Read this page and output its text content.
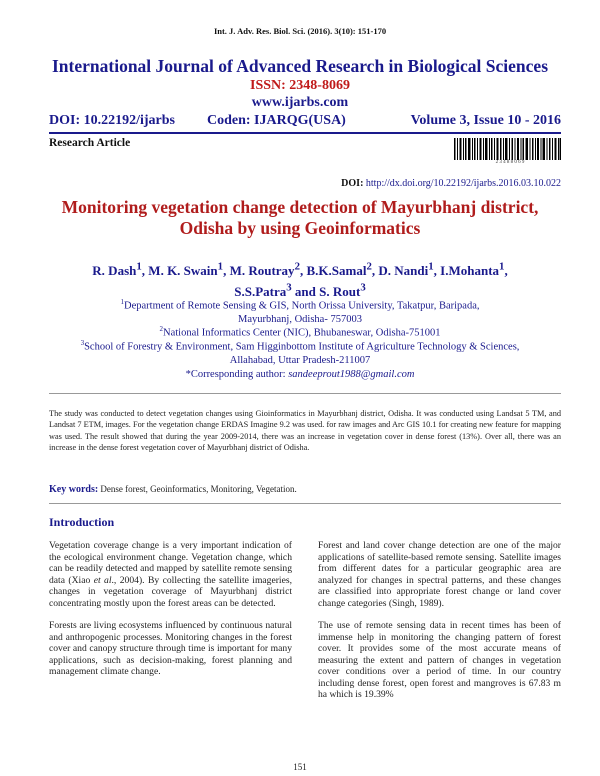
Int. J. Adv. Res. Biol. Sci. (2016). 3(10): 151-170
International Journal of Advanced Research in Biological Sciences
ISSN: 2348-8069
www.ijarbs.com
DOI: 10.22192/ijarbs Coden: IJARQG(USA)	Volume 3, Issue 10 - 2016
Research Article
2 3 4 8 8 0 6 9
DOI: http://dx.doi.org/10.22192/ijarbs.2016.03.10.022
Monitoring vegetation change detection of Mayurbhanj district,
Odisha by using Geoinformatics
R. Dash$^1$, M. K. Swain$^1$, M. Routray$^2$, B.K.Samal$^2$, D. Nandi$^1$, I.Mohanta$^1$,
S.S.Patra$^3$ and S. Rout$^3$
$^1$Department of Remote Sensing & GIS, North Orissa University, Takatpur, Baripada,
Mayurbhanj, Odisha- 757003
$^2$National Informatics Center (NIC), Bhubaneswar, Odisha-751001
$^3$School of Forestry & Environment, Sam Higginbottom Institute of Agriculture Technology & Sciences,
Allahabad, Uttar Pradesh-211007
*Corresponding author: sandeeprout1988@gmail.com
The study was conducted to detect vegetation changes using Gioinformatics in Mayurbhanj district, Odisha. It was conducted using Landsat 5 TM, and Landsat 7 ETM, images. For the vegetation change ERDAS Imagine 9.2 was used. for raw images and Arc GIS 10.1 for creating new feature for mapping was used. The result showed that during the year 2009-2014, there was an increase in vegetation cover in dense forest (13%). Over all, there was an increase in the dense forest vegetation cover of Mayurbhanj district of Odisha.
Key words: Dense forest, Geoinformatics, Monitoring, Vegetation.
Introduction

Vegetation coverage change is a very important indication of the ecological environment change. Vegetation change, which can be readily detected and mapped by satellite remote sensing data (Xiao et al., 2004). By collecting the satellite imageries, changes in vegetation coverage of Mayurbhanj district concentrating mostly upon the forest areas can be detected.

Forests are living ecosystems influenced by continuous natural and anthropogenic processes. Monitoring changes in the forest cover and canopy structure through time is important for many applications, such as decision-making, forest planning and management climate change.

Forest and land cover change detection are one of the major applications of satellite-based remote sensing. Satellite images from different dates for a particular geographic area are analyzed for changes in spectral patterns, and these changes are classified into appropriate forest change or land cover change categories (Singh, 1989).

The use of remote sensing data in recent times has been of immense help in monitoring the changing pattern of forest cover. It provides some of the most accurate means of measuring the extent and pattern of changes in vegetation cover conditions over a period of time. In our country including dense forest, open forest and mangroves is 67.83 m ha which is 19.39%

151
